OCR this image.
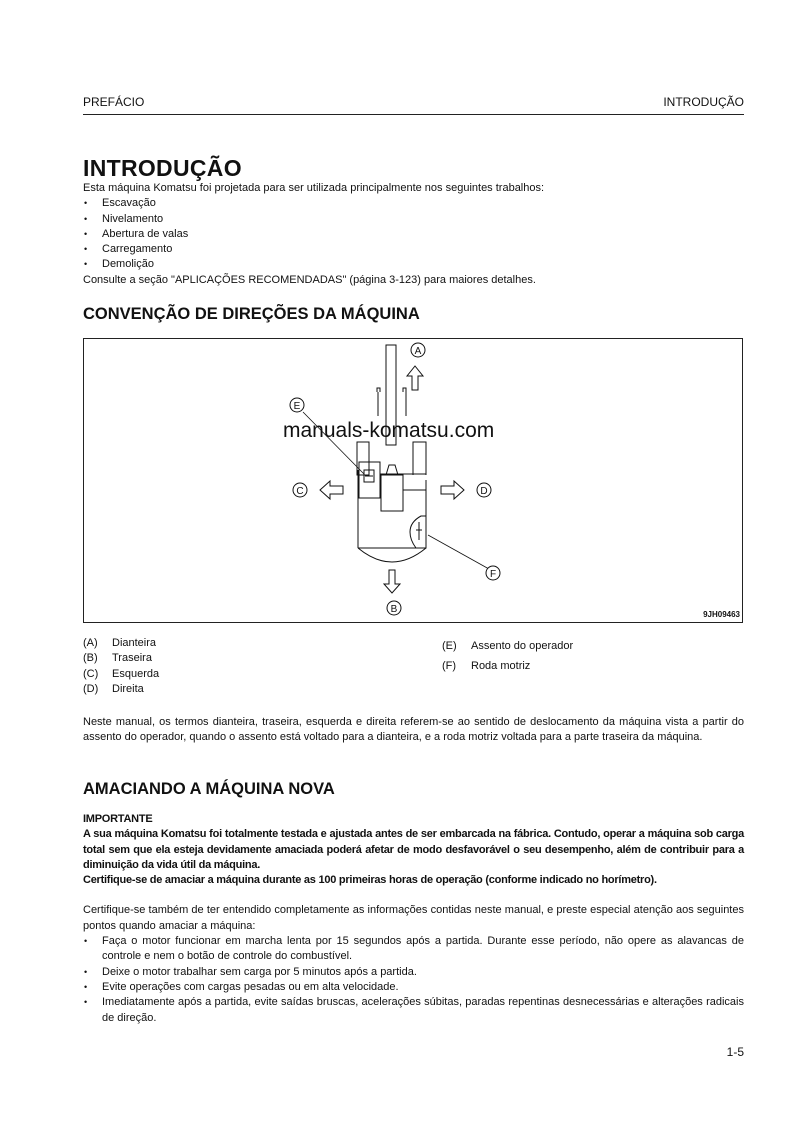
PREFÁCIO	INTRODUÇÃO
INTRODUÇÃO
Esta máquina Komatsu foi projetada para ser utilizada principalmente nos seguintes trabalhos:
• Escavação
• Nivelamento
• Abertura de valas
• Carregamento
• Demolição
Consulte a seção "APLICAÇÕES RECOMENDADAS" (página 3-123) para maiores detalhes.
CONVENÇÃO DE DIREÇÕES DA MÁQUINA
A
B
C	D
E
F
9JH09463
manuals-komatsu.com
(A)	Dianteira
(B)	Traseira
(C)	Esquerda
(D)	Direita
(E)	Assento do operador
(F)	Roda motriz
Neste manual, os termos dianteira, traseira, esquerda e direita referem-se ao sentido de deslocamento da máquina vista a partir do assento do operador, quando o assento está voltado para a dianteira, e a roda motriz voltada para a parte traseira da máquina.
AMACIANDO A MÁQUINA NOVA
IMPORTANTE
A sua máquina Komatsu foi totalmente testada e ajustada antes de ser embarcada na fábrica. Contudo, operar a máquina sob carga total sem que ela esteja devidamente amaciada poderá afetar de modo desfavorável o seu desempenho, além de contribuir para a diminuição da vida útil da máquina.
Certifique-se de amaciar a máquina durante as 100 primeiras horas de operação (conforme indicado no horímetro).
Certifique-se também de ter entendido completamente as informações contidas neste manual, e preste especial atenção aos seguintes pontos quando amaciar a máquina:
• Faça o motor funcionar em marcha lenta por 15 segundos após a partida. Durante esse período, não opere as alavancas de controle e nem o botão de controle do combustível.
• Deixe o motor trabalhar sem carga por 5 minutos após a partida.
• Evite operações com cargas pesadas ou em alta velocidade.
• Imediatamente após a partida, evite saídas bruscas, acelerações súbitas, paradas repentinas desnecessárias e alterações radicais de direção.
1-5
